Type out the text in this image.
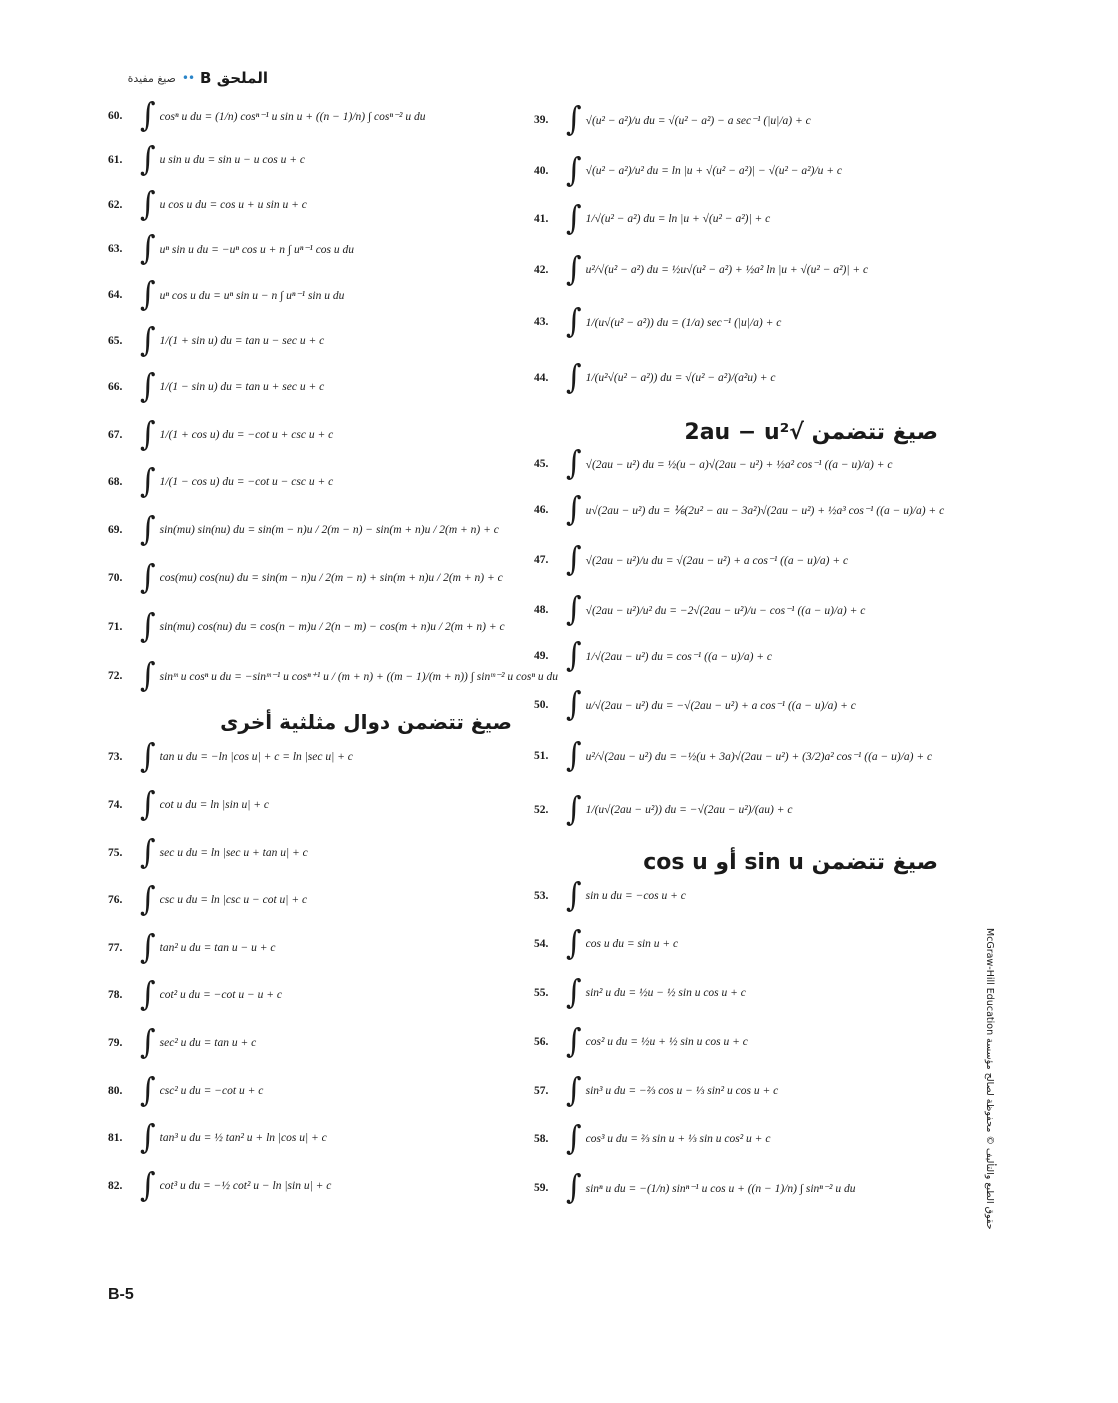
الملحق B
••
صيغ مفيدة
60. ∫ cosⁿ u du = (1/n) cosⁿ⁻¹ u sin u + ((n − 1)/n) ∫ cosⁿ⁻² u du
61. ∫ u sin u du = sin u − u cos u + c
62. ∫ u cos u du = cos u + u sin u + c
63. ∫ uⁿ sin u du = −uⁿ cos u + n ∫ uⁿ⁻¹ cos u du
64. ∫ uⁿ cos u du = uⁿ sin u − n ∫ uⁿ⁻¹ sin u du
65. ∫ 1/(1 + sin u) du = tan u − sec u + c
66. ∫ 1/(1 − sin u) du = tan u + sec u + c
67. ∫ 1/(1 + cos u) du = −cot u + csc u + c
68. ∫ 1/(1 − cos u) du = −cot u − csc u + c
69. ∫ sin(mu) sin(nu) du = sin(m − n)u / 2(m − n) − sin(m + n)u / 2(m + n) + c
70. ∫ cos(mu) cos(nu) du = sin(m − n)u / 2(m − n) + sin(m + n)u / 2(m + n) + c
71. ∫ sin(mu) cos(nu) du = cos(n − m)u / 2(n − m) − cos(m + n)u / 2(m + n) + c
72. ∫ sinᵐ u cosⁿ u du = −sinᵐ⁻¹ u cosⁿ⁺¹ u / (m + n) + ((m − 1)/(m + n)) ∫ sinᵐ⁻² u cosⁿ u du
صيغ تتضمن دوال مثلثية أخرى
73. ∫ tan u du = −ln |cos u| + c = ln |sec u| + c
74. ∫ cot u du = ln |sin u| + c
75. ∫ sec u du = ln |sec u + tan u| + c
76. ∫ csc u du = ln |csc u − cot u| + c
77. ∫ tan² u du = tan u − u + c
78. ∫ cot² u du = −cot u − u + c
79. ∫ sec² u du = tan u + c
80. ∫ csc² u du = −cot u + c
81. ∫ tan³ u du = ½ tan² u + ln |cos u| + c
82. ∫ cot³ u du = −½ cot² u − ln |sin u| + c
39. ∫ √(u² − a²)/u du = √(u² − a²) − a sec⁻¹ (|u|/a) + c
40. ∫ √(u² − a²)/u² du = ln |u + √(u² − a²)| − √(u² − a²)/u + c
41. ∫ 1/√(u² − a²) du = ln |u + √(u² − a²)| + c
42. ∫ u²/√(u² − a²) du = ½u√(u² − a²) + ½a² ln |u + √(u² − a²)| + c
43. ∫ 1/(u√(u² − a²)) du = (1/a) sec⁻¹ (|u|/a) + c
44. ∫ 1/(u²√(u² − a²)) du = √(u² − a²)/(a²u) + c
صيغ تتضمن √2au − u²
45. ∫ √(2au − u²) du = ½(u − a)√(2au − u²) + ½a² cos⁻¹ ((a − u)/a) + c
46. ∫ u√(2au − u²) du = ⅙(2u² − au − 3a²)√(2au − u²) + ½a³ cos⁻¹ ((a − u)/a) + c
47. ∫ √(2au − u²)/u du = √(2au − u²) + a cos⁻¹ ((a − u)/a) + c
48. ∫ √(2au − u²)/u² du = −2√(2au − u²)/u − cos⁻¹ ((a − u)/a) + c
49. ∫ 1/√(2au − u²) du = cos⁻¹ ((a − u)/a) + c
50. ∫ u/√(2au − u²) du = −√(2au − u²) + a cos⁻¹ ((a − u)/a) + c
51. ∫ u²/√(2au − u²) du = −½(u + 3a)√(2au − u²) + (3/2)a² cos⁻¹ ((a − u)/a) + c
52. ∫ 1/(u√(2au − u²)) du = −√(2au − u²)/(au) + c
صيغ تتضمن sin u أو cos u
53. ∫ sin u du = −cos u + c
54. ∫ cos u du = sin u + c
55. ∫ sin² u du = ½u − ½ sin u cos u + c
56. ∫ cos² u du = ½u + ½ sin u cos u + c
57. ∫ sin³ u du = −⅔ cos u − ⅓ sin² u cos u + c
58. ∫ cos³ u du = ⅔ sin u + ⅓ sin u cos² u + c
59. ∫ sinⁿ u du = −(1/n) sinⁿ⁻¹ u cos u + ((n − 1)/n) ∫ sinⁿ⁻² u du
حقوق الطبع والتأليف © محفوظة لصالح مؤسسة McGraw-Hill Education
B-5
